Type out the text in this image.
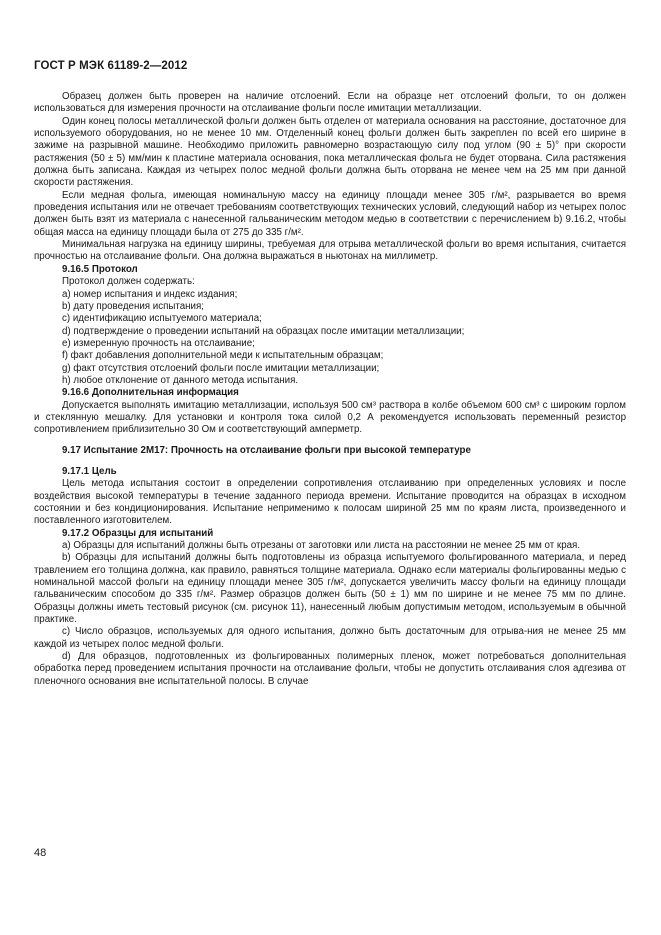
ГОСТ Р МЭК 61189-2—2012

Образец должен быть проверен на наличие отслоений. Если на образце нет отслоений фольги, то он должен использоваться для измерения прочности на отслаивание фольги после имитации металлизации.

Один конец полосы металлической фольги должен быть отделен от материала основания на расстояние, достаточное для используемого оборудования, но не менее 10 мм. Отделенный конец фольги должен быть закреплен по всей его ширине в зажиме на разрывной машине. Необходимо приложить равномерно возрастающую силу под углом (90 ± 5)° при скорости растяжения (50 ± 5) мм/мин к пластине материала основания, пока металлическая фольга не будет оторвана. Сила растяжения должна быть записана. Каждая из четырех полос медной фольги должна быть оторвана не менее чем на 25 мм при данной скорости растяжения.

Если медная фольга, имеющая номинальную массу на единицу площади менее 305 г/м², разрывается во время проведения испытания или не отвечает требованиям соответствующих технических условий, следующий набор из четырех полос должен быть взят из материала с нанесенной гальваническим методом медью в соответствии с перечислением b) 9.16.2, чтобы общая масса на единицу площади была от 275 до 335 г/м².

Минимальная нагрузка на единицу ширины, требуемая для отрыва металлической фольги во время испытания, считается прочностью на отслаивание фольги. Она должна выражаться в ньютонах на миллиметр.

9.16.5 Протокол

Протокол должен содержать:

a) номер испытания и индекс издания;

b) дату проведения испытания;

c) идентификацию испытуемого материала;

d) подтверждение о проведении испытаний на образцах после имитации металлизации;

e) измеренную прочность на отслаивание;

f) факт добавления дополнительной меди к испытательным образцам;

g) факт отсутствия отслоений фольги после имитации металлизации;

h) любое отклонение от данного метода испытания.

9.16.6 Дополнительная информация

Допускается выполнять имитацию металлизации, используя 500 см³ раствора в колбе объемом 600 см³ с широким горлом и стеклянную мешалку. Для установки и контроля тока силой 0,2 А рекомендуется использовать переменный резистор сопротивлением приблизительно 30 Ом и соответствующий амперметр.

9.17 Испытание 2М17: Прочность на отслаивание фольги при высокой температуре

9.17.1 Цель

Цель метода испытания состоит в определении сопротивления отслаиванию при определенных условиях и после воздействия высокой температуры в течение заданного периода времени. Испытание проводится на образцах в исходном состоянии и без кондиционирования. Испытание неприменимо к полосам шириной 25 мм по краям листа, произведенного и поставленного изготовителем.

9.17.2 Образцы для испытаний

a) Образцы для испытаний должны быть отрезаны от заготовки или листа на расстоянии не менее 25 мм от края.

b) Образцы для испытаний должны быть подготовлены из образца испытуемого фольгированного материала, и перед травлением его толщина должна, как правило, равняться толщине материала. Однако если материалы фольгированны медью с номинальной массой фольги на единицу площади менее 305 г/м², допускается увеличить массу фольги на единицу площади гальваническим способом до 335 г/м². Размер образцов должен быть (50 ± 1) мм по ширине и не менее 75 мм по длине. Образцы должны иметь тестовый рисунок (см. рисунок 11), нанесенный любым допустимым методом, используемым в обычной практике.

c) Число образцов, используемых для одного испытания, должно быть достаточным для отрыва-ния не менее 25 мм каждой из четырех полос медной фольги.

d) Для образцов, подготовленных из фольгированных полимерных пленок, может потребоваться дополнительная обработка перед проведением испытания прочности на отслаивание фольги, чтобы не допустить отслаивания слоя адгезива от пленочного основания вне испытательной полосы. В случае

48
